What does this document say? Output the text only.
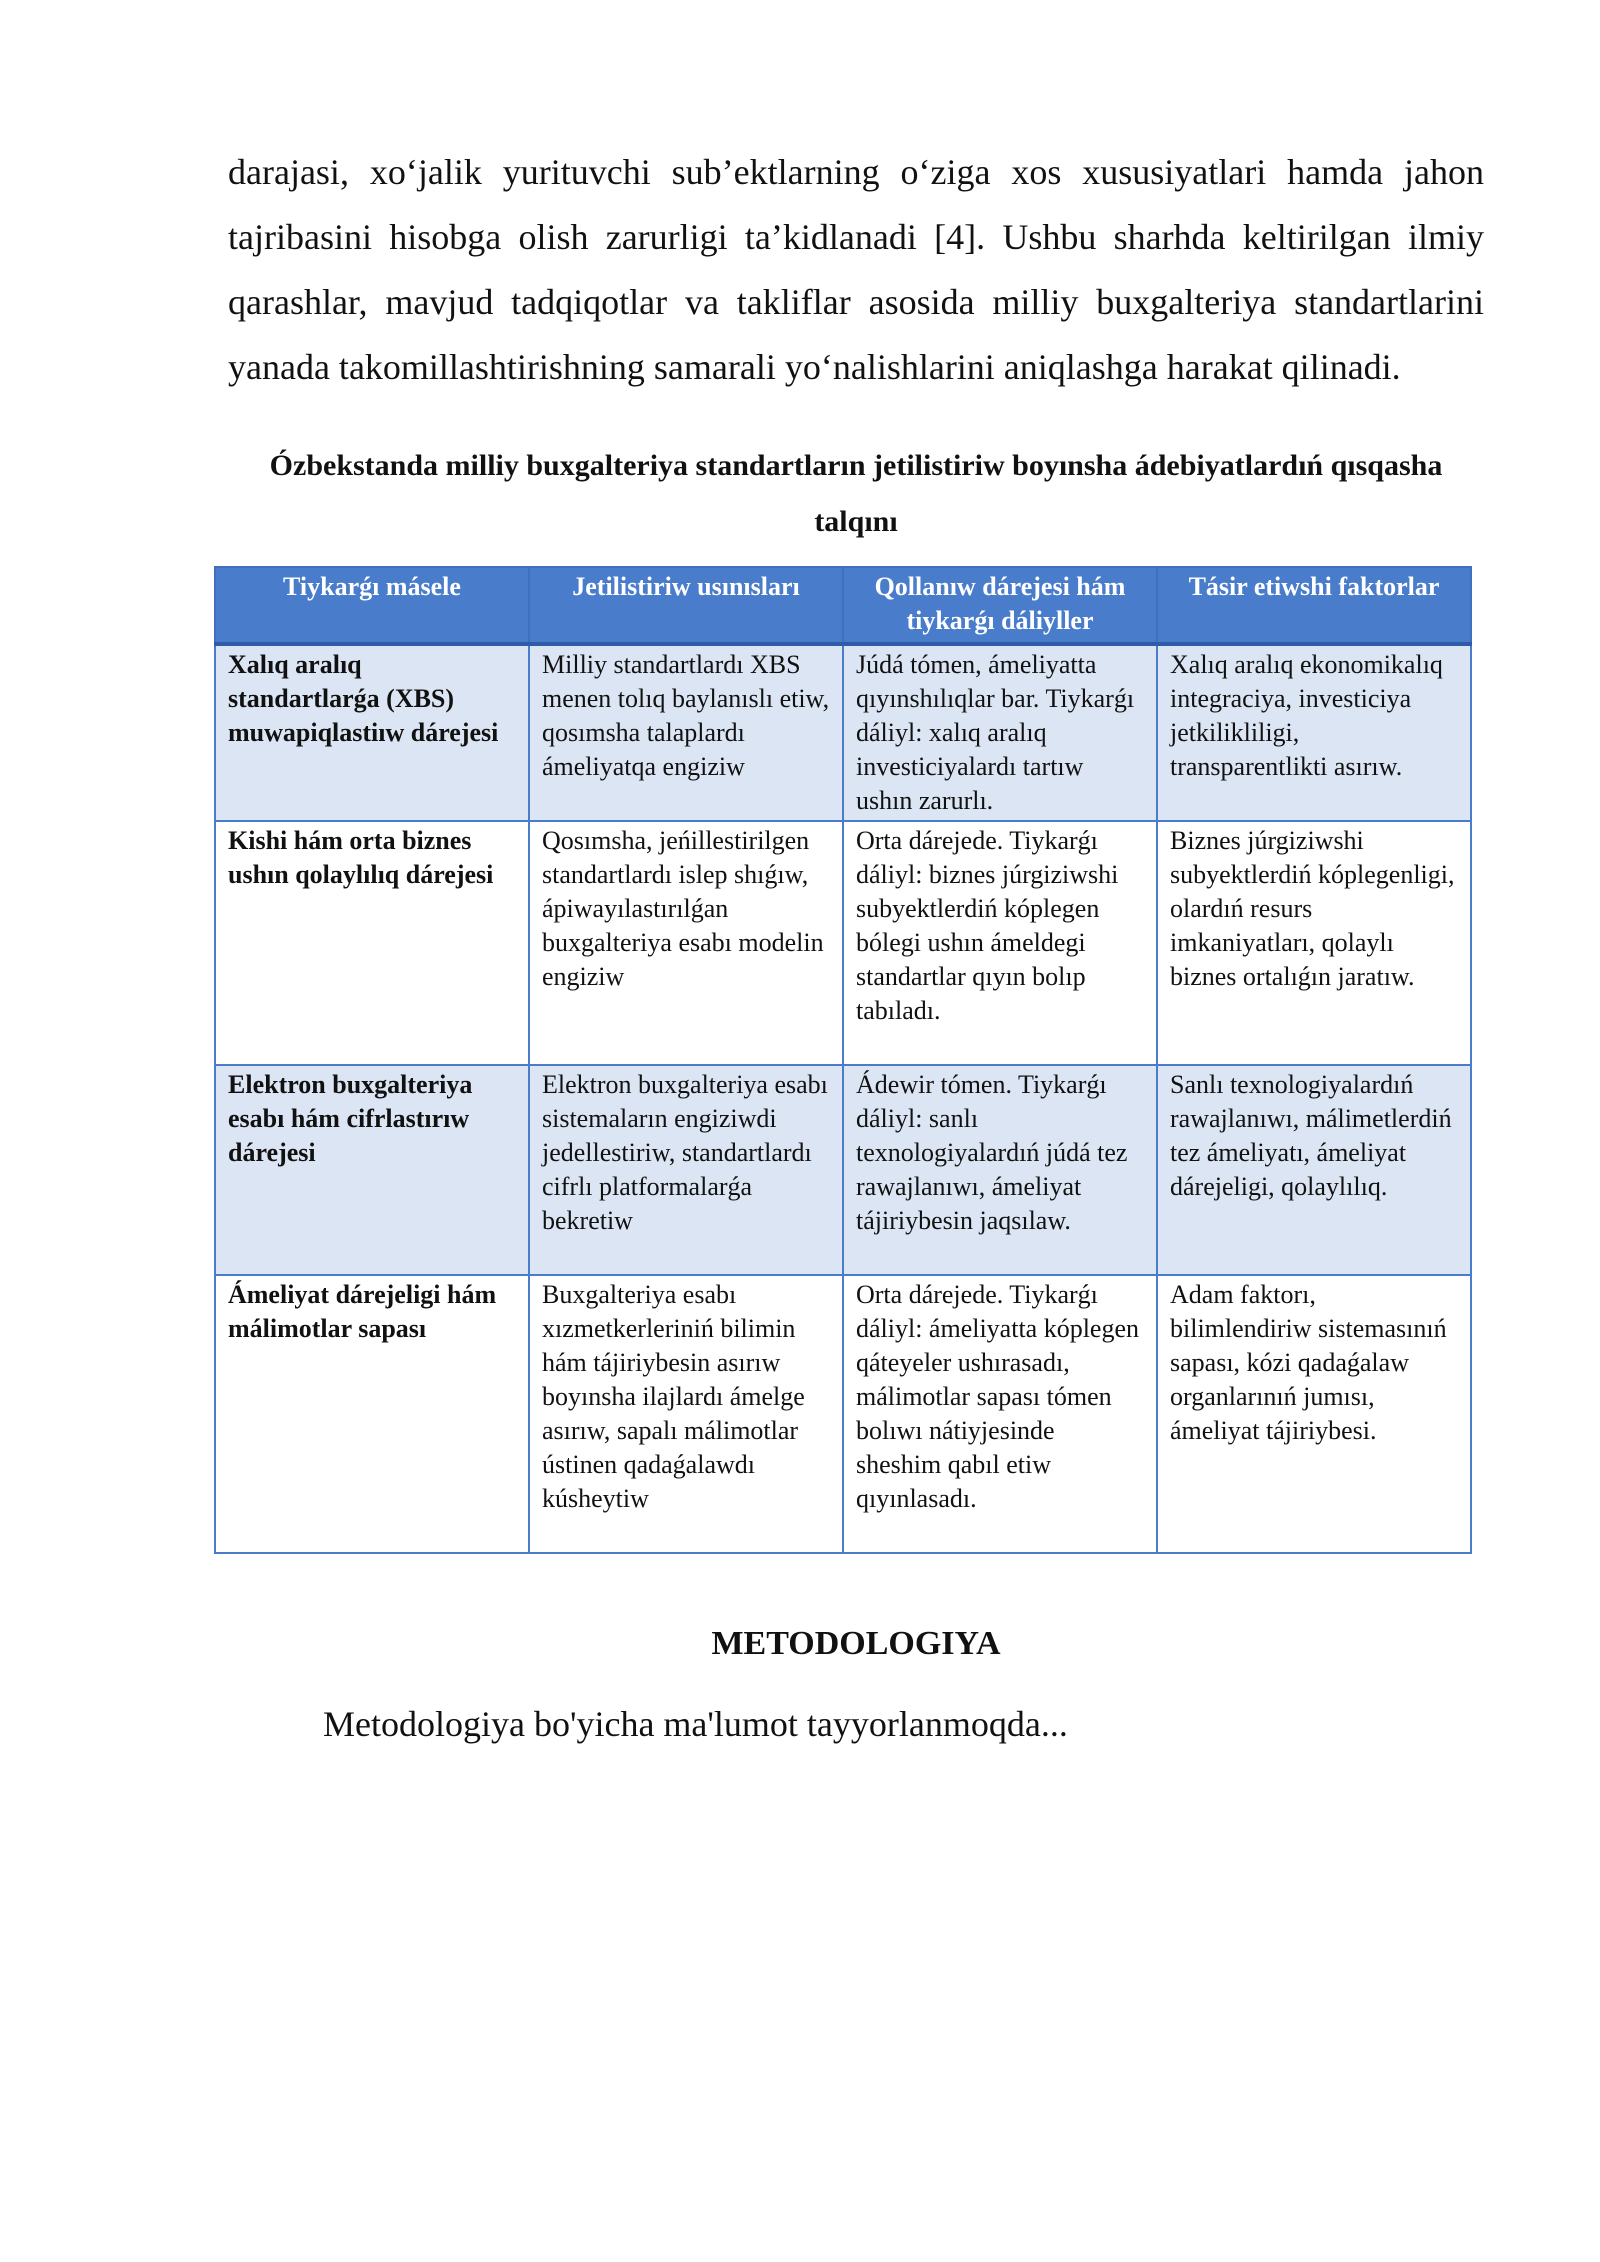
darajasi, xo‘jalik yurituvchi sub’ektlarning o‘ziga xos xususiyatlari hamda jahon tajribasini hisobga olish zarurligi ta’kidlanadi [4]. Ushbu sharhda keltirilgan ilmiy qarashlar, mavjud tadqiqotlar va takliflar asosida milliy buxgalteriya standartlarini yanada takomillashtirishning samarali yo‘nalishlarini aniqlashga harakat qilinadi.

Ózbekstanda milliy buxgalteriya standartların jetilistiriw boyınsha ádebiyatlardıń qısqasha talqını
Tiykarǵı másele	Jetilistiriw usınısları	Qollanıw dárejesi hám tiykarǵı dáliyller	Tásir etiwshi faktorlar
Xalıq aralıq standartlarǵa (XBS) muwapiqlastiıw dárejesi	Milliy standartlardı XBS menen tolıq baylanıslı etiw, qosımsha talaplardı ámeliyatqa engiziw	Júdá tómen, ámeliyatta qıyınshılıqlar bar. Tiykarǵı dáliyl: xalıq aralıq investiciyalardı tartıw ushın zarurlı.	Xalıq aralıq ekonomikalıq integraciya, investiciya jetkilikliligi, transparentlikti asırıw.
Kishi hám orta biznes ushın qolaylılıq dárejesi	Qosımsha, jeńillestirilgen standartlardı islep shıǵıw, ápiwayılastırılǵan buxgalteriya esabı modelin engiziw	Orta dárejede. Tiykarǵı dáliyl: biznes júrgiziwshi subyektlerdiń kóplegen bólegi ushın ámeldegi standartlar qıyın bolıp tabıladı.	Biznes júrgiziwshi subyektlerdiń kóplegenligi, olardıń resurs imkaniyatları, qolaylı biznes ortalıǵın jaratıw.
Elektron buxgalteriya esabı hám cifrlastırıw dárejesi	Elektron buxgalteriya esabı sistemaların engiziwdi jedellestiriw, standartlardı cifrlı platformalarǵa bekretiw	Ádewir tómen. Tiykarǵı dáliyl: sanlı texnologiyalardıń júdá tez rawajlanıwı, ámeliyat tájiriybesin jaqsılaw.	Sanlı texnologiyalardıń rawajlanıwı, málimetlerdiń tez ámeliyatı, ámeliyat dárejeligi, qolaylılıq.
Ámeliyat dárejeligi hám málimotlar sapası	Buxgalteriya esabı xızmetkerleriniń bilimin hám tájiriybesin asırıw boyınsha ilajlardı ámelge asırıw, sapalı málimotlar ústinen qadaǵalawdı kúsheytiw	Orta dárejede. Tiykarǵı dáliyl: ámeliyatta kóplegen qáteyeler ushırasadı, málimotlar sapası tómen bolıwı nátiyjesinde sheshim qabıl etiw qıyınlasadı.	Adam faktorı, bilimlendiriw sistemasınıń sapası, kózi qadaǵalaw organlarınıń jumısı, ámeliyat tájiriybesi.
METODOLOGIYA
Metodologiya bo'yicha ma'lumot tayyorlanmoqda...
